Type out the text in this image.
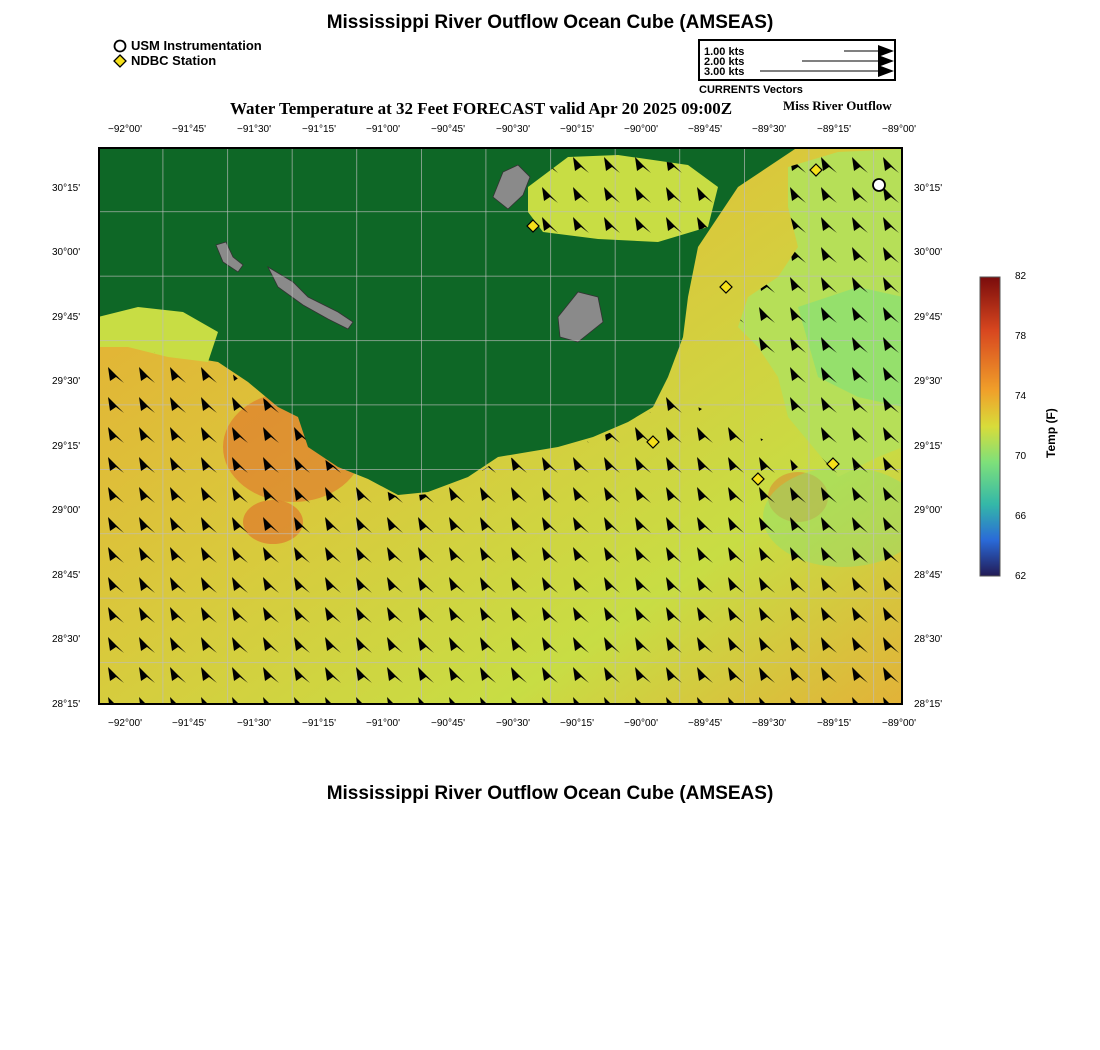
Mississippi River Outflow Ocean Cube (AMSEAS)
USM Instrumentation
NDBC Station
1.00 kts
2.00 kts
3.00 kts
CURRENTS Vectors
Water Temperature at 32 Feet FORECAST valid Apr 20 2025 09:00Z	Miss River Outflow
−92°00'	−91°45'	−91°30'	−91°15'	−91°00'	−90°45'	−90°30'	−90°15'	−90°00'	−89°45'	−89°30'	−89°15'	−89°00'
−92°00'	−91°45'	−91°30'	−91°15'	−91°00'	−90°45'	−90°30'	−90°15'	−90°00'	−89°45'	−89°30'	−89°15'	−89°00'
30°15'
30°00'
29°45'
29°30'
29°15'
29°00'
28°45'
28°30'
28°15'
30°15'
30°00'
29°45'
29°30'
29°15'
29°00'
28°45'
28°30'
28°15'
82
78
74
70
66
62
Temp (F)
Mississippi River Outflow Ocean Cube (AMSEAS)
